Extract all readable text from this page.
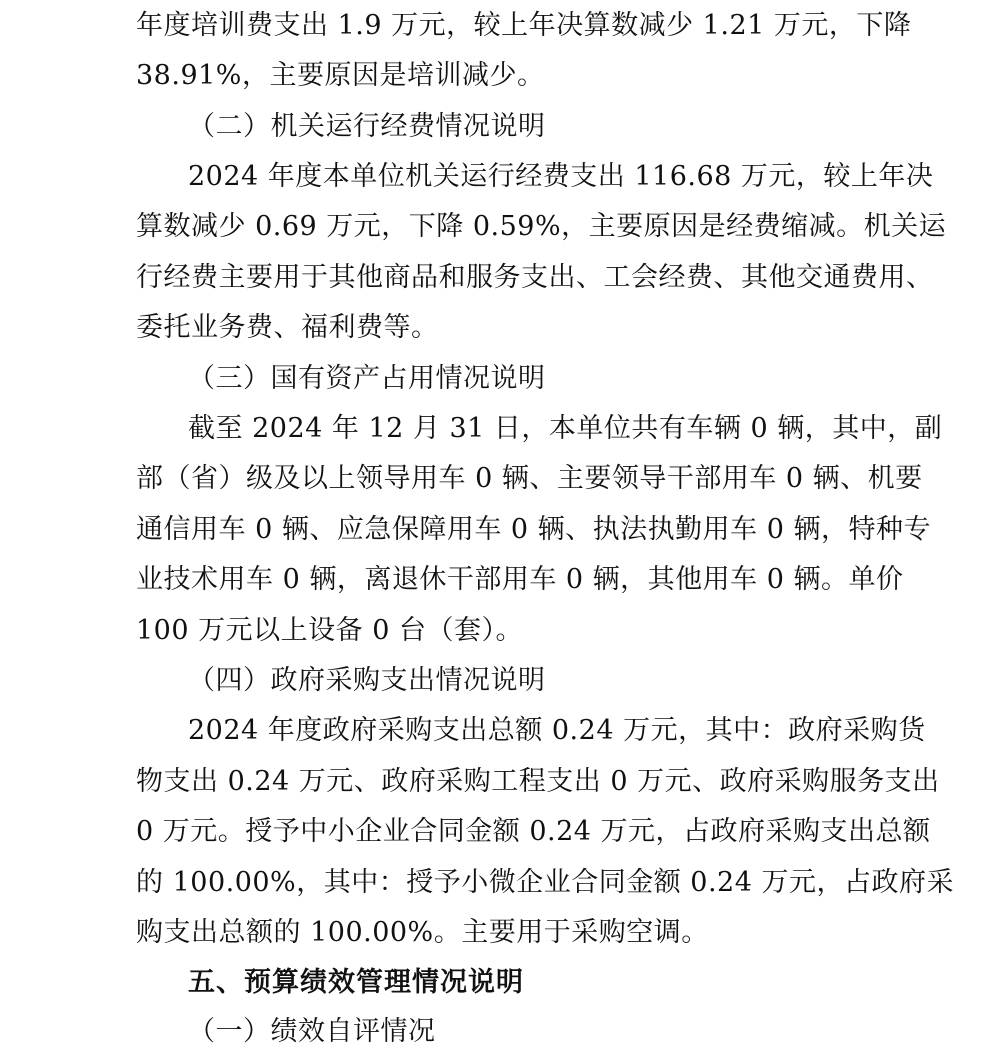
年度培训费支出 1.9 万元，较上年决算数减少 1.21 万元，下降
38.91%，主要原因是培训减少。
（二）机关运行经费情况说明
2024 年度本单位机关运行经费支出 116.68 万元，较上年决
算数减少 0.69 万元，下降 0.59%，主要原因是经费缩减。机关运
行经费主要用于其他商品和服务支出、工会经费、其他交通费用、
委托业务费、福利费等。
（三）国有资产占用情况说明
截至 2024 年 12 月 31 日，本单位共有车辆 0 辆，其中，副
部（省）级及以上领导用车 0 辆、主要领导干部用车 0 辆、机要
通信用车 0 辆、应急保障用车 0 辆、执法执勤用车 0 辆，特种专
业技术用车 0 辆，离退休干部用车 0 辆，其他用车 0 辆。单价
100 万元以上设备 0 台（套）。
（四）政府采购支出情况说明
2024 年度政府采购支出总额 0.24 万元，其中：政府采购货
物支出 0.24 万元、政府采购工程支出 0 万元、政府采购服务支出
0 万元。授予中小企业合同金额 0.24 万元，占政府采购支出总额
的 100.00%，其中：授予小微企业合同金额 0.24 万元，占政府采
购支出总额的 100.00%。主要用于采购空调。
五、预算绩效管理情况说明
（一）绩效自评情况
